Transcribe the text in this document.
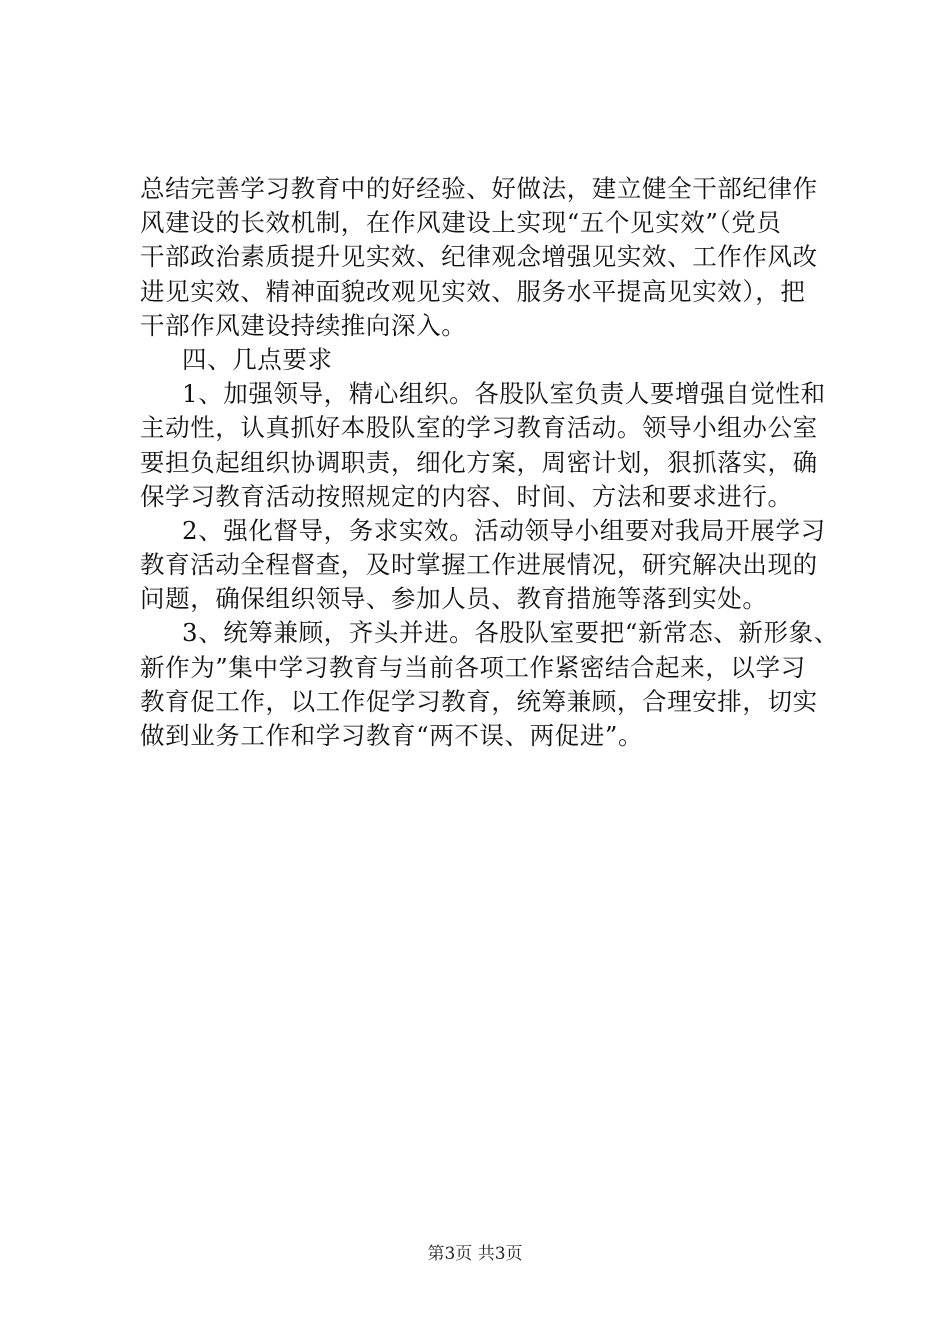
总结完善学习教育中的好经验、好做法，建立健全干部纪律作
风建设的长效机制，在作风建设上实现“五个见实效”（党员
干部政治素质提升见实效、纪律观念增强见实效、工作作风改
进见实效、精神面貌改观见实效、服务水平提高见实效），把
干部作风建设持续推向深入。
四、几点要求
1、加强领导，精心组织。各股队室负责人要增强自觉性和
主动性，认真抓好本股队室的学习教育活动。领导小组办公室
要担负起组织协调职责，细化方案，周密计划，狠抓落实，确
保学习教育活动按照规定的内容、时间、方法和要求进行。
2、强化督导，务求实效。活动领导小组要对我局开展学习
教育活动全程督查，及时掌握工作进展情况，研究解决出现的
问题，确保组织领导、参加人员、教育措施等落到实处。
3、统筹兼顾，齐头并进。各股队室要把“新常态、新形象、
新作为”集中学习教育与当前各项工作紧密结合起来，以学习
教育促工作，以工作促学习教育，统筹兼顾，合理安排，切实
做到业务工作和学习教育“两不误、两促进”。
第3页 共3页
